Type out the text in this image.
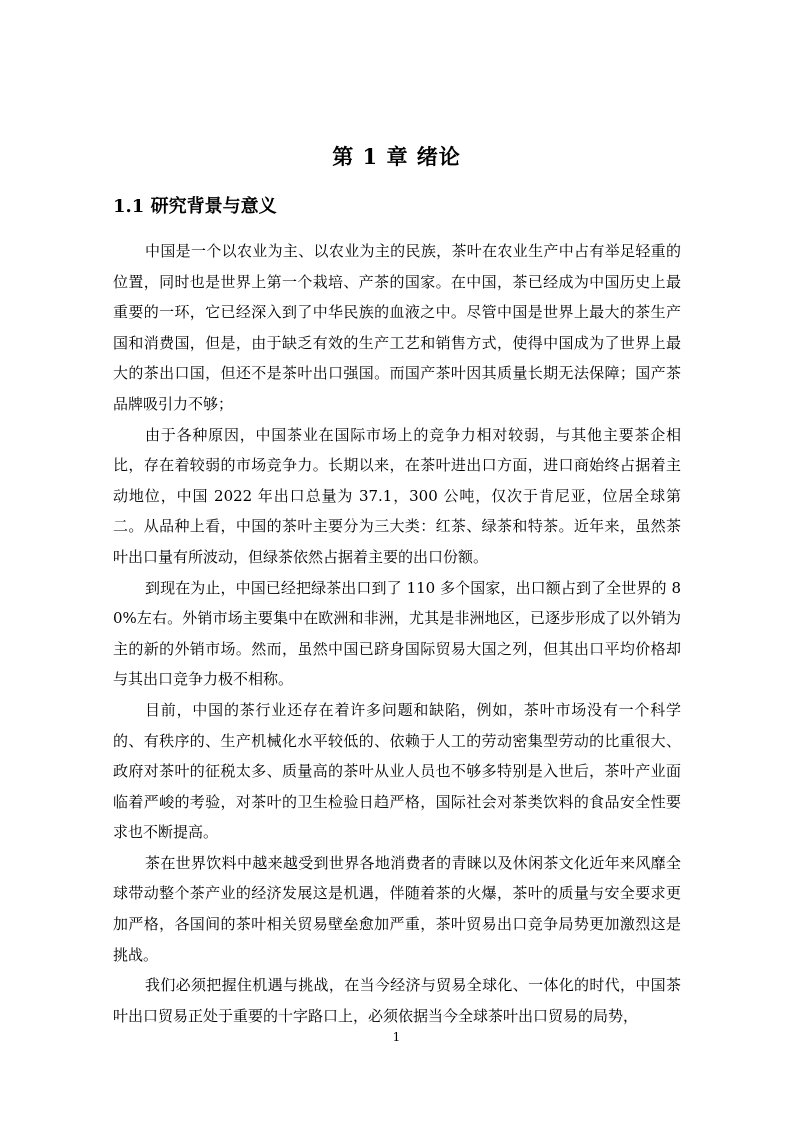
第 1 章 绪论
1.1 研究背景与意义

中国是一个以农业为主、以农业为主的民族，茶叶在农业生产中占有举足轻重的位置，同时也是世界上第一个栽培、产茶的国家。在中国，茶已经成为中国历史上最重要的一环，它已经深入到了中华民族的血液之中。尽管中国是世界上最大的茶生产国和消费国，但是，由于缺乏有效的生产工艺和销售方式，使得中国成为了世界上最大的茶出口国，但还不是茶叶出口强国。而国产茶叶因其质量长期无法保障；国产茶品牌吸引力不够；

由于各种原因，中国茶业在国际市场上的竞争力相对较弱，与其他主要茶企相比，存在着较弱的市场竞争力。长期以来，在茶叶进出口方面，进口商始终占据着主动地位，中国 2022 年出口总量为 37.1，300 公吨，仅次于肯尼亚，位居全球第二。从品种上看，中国的茶叶主要分为三大类：红茶、绿茶和特茶。近年来，虽然茶叶出口量有所波动，但绿茶依然占据着主要的出口份额。

到现在为止，中国已经把绿茶出口到了 110 多个国家，出口额占到了全世界的 80%左右。外销市场主要集中在欧洲和非洲，尤其是非洲地区，已逐步形成了以外销为主的新的外销市场。然而，虽然中国已跻身国际贸易大国之列，但其出口平均价格却与其出口竞争力极不相称。

目前，中国的茶行业还存在着许多问题和缺陷，例如，茶叶市场没有一个科学的、有秩序的、生产机械化水平较低的、依赖于人工的劳动密集型劳动的比重很大、政府对茶叶的征税太多、质量高的茶叶从业人员也不够多特别是入世后，茶叶产业面临着严峻的考验，对茶叶的卫生检验日趋严格，国际社会对茶类饮料的食品安全性要求也不断提高。

茶在世界饮料中越来越受到世界各地消费者的青睐以及休闲茶文化近年来风靡全球带动整个茶产业的经济发展这是机遇，伴随着茶的火爆，茶叶的质量与安全要求更加严格，各国间的茶叶相关贸易壁垒愈加严重，茶叶贸易出口竞争局势更加激烈这是挑战。

我们必须把握住机遇与挑战，在当今经济与贸易全球化、一体化的时代，中国茶叶出口贸易正处于重要的十字路口上，必须依据当今全球茶叶出口贸易的局势，

1
